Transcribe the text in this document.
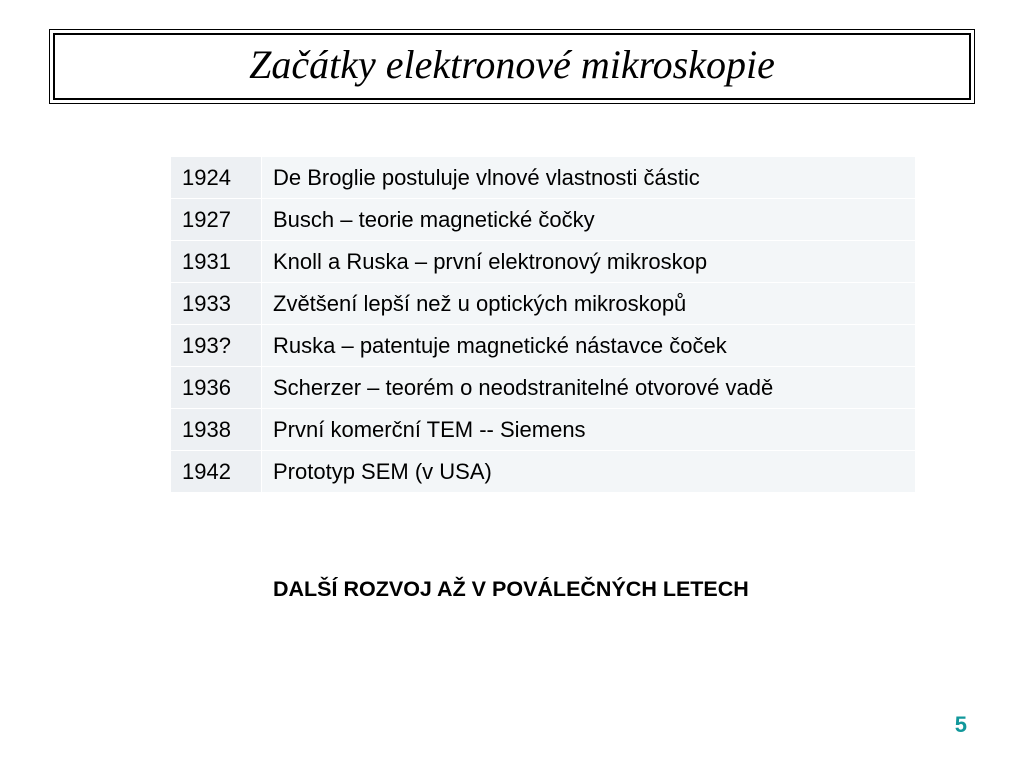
Začátky elektronové mikroskopie
1924	De Broglie postuluje vlnové vlastnosti částic
1927	Busch – teorie magnetické čočky
1931	Knoll a Ruska – první elektronový mikroskop
1933	Zvětšení lepší než u optických mikroskopů
193?	Ruska – patentuje magnetické nástavce čoček
1936	Scherzer – teorém o neodstranitelné otvorové vadě
1938	První komerční TEM -- Siemens
1942	Prototyp SEM (v USA)
DALŠÍ ROZVOJ AŽ V POVÁLEČNÝCH LETECH
5
